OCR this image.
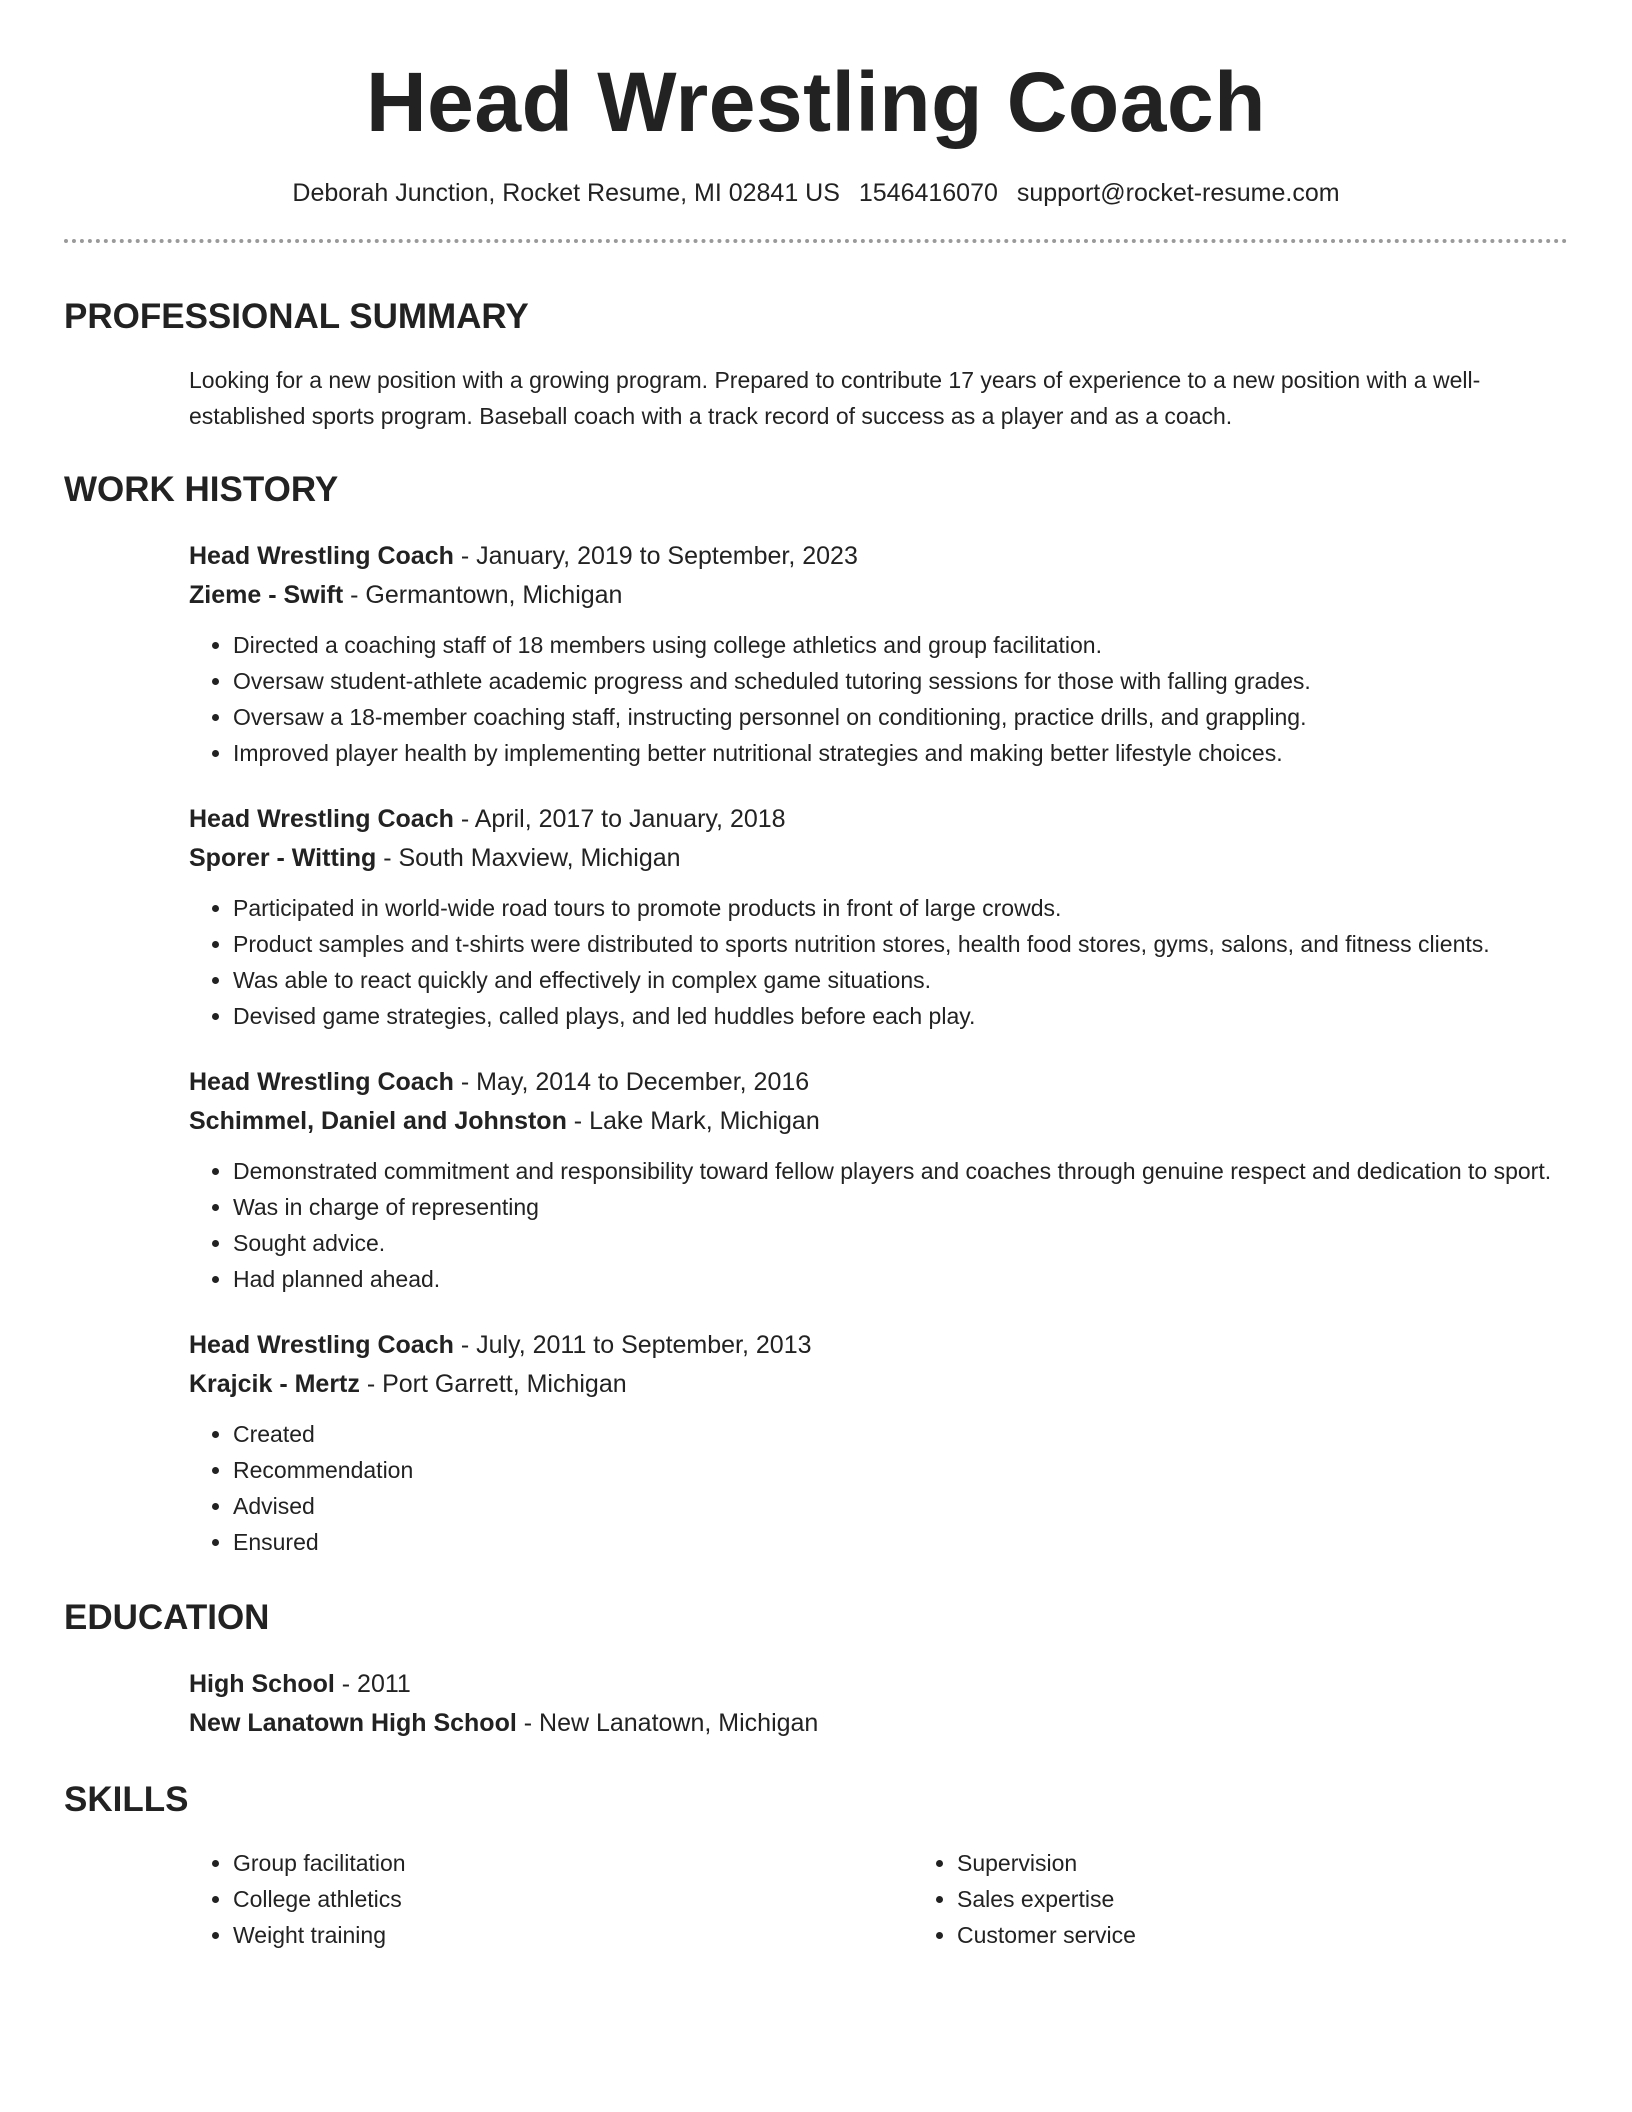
Head Wrestling Coach
Deborah Junction, Rocket Resume, MI 02841 US 1546416070 support@rocket-resume.com
PROFESSIONAL SUMMARY
Looking for a new position with a growing program. Prepared to contribute 17 years of experience to a new position with a well-established sports program. Baseball coach with a track record of success as a player and as a coach.
WORK HISTORY
Head Wrestling Coach - January, 2019 to September, 2023
Zieme - Swift - Germantown, Michigan
• Directed a coaching staff of 18 members using college athletics and group facilitation.
• Oversaw student-athlete academic progress and scheduled tutoring sessions for those with falling grades.
• Oversaw a 18-member coaching staff, instructing personnel on conditioning, practice drills, and grappling.
• Improved player health by implementing better nutritional strategies and making better lifestyle choices.
Head Wrestling Coach - April, 2017 to January, 2018
Sporer - Witting - South Maxview, Michigan
• Participated in world-wide road tours to promote products in front of large crowds.
• Product samples and t-shirts were distributed to sports nutrition stores, health food stores, gyms, salons, and fitness clients.
• Was able to react quickly and effectively in complex game situations.
• Devised game strategies, called plays, and led huddles before each play.
Head Wrestling Coach - May, 2014 to December, 2016
Schimmel, Daniel and Johnston - Lake Mark, Michigan
• Demonstrated commitment and responsibility toward fellow players and coaches through genuine respect and dedication to sport.
• Was in charge of representing
• Sought advice.
• Had planned ahead.
Head Wrestling Coach - July, 2011 to September, 2013
Krajcik - Mertz - Port Garrett, Michigan
• Created
• Recommendation
• Advised
• Ensured
EDUCATION
High School - 2011
New Lanatown High School - New Lanatown, Michigan
SKILLS
• Group facilitation
• College athletics
• Weight training
• Supervision
• Sales expertise
• Customer service
